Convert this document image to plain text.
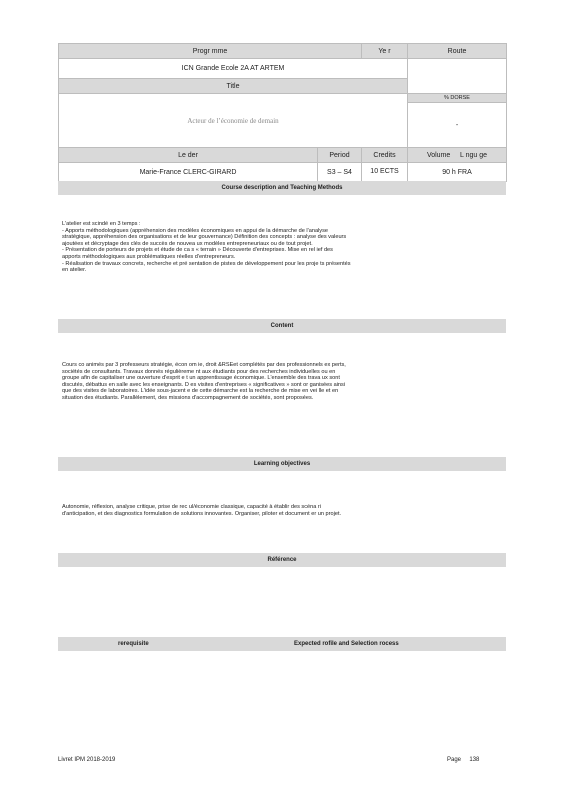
Progr mme		Ye r	Route
ICN Grande Ecole 2A AT ARTEM			
Title			
Acteur de l’économie de demain			% DORSE
			-
Le der	Period	Credits	Volume L ngu ge
Marie-France CLERC-GIRARD	S3 – S4	10 ECTS	90 h FRA
Course description and Teaching Methods
L'atelier est scindé en 3 temps :
- Apports méthodologiques (appréhension des modèles économiques en appui de la démarche de l'analyse
stratégique, appréhension des organisations et de leur gouvernance) Définition des concepts : analyse des valeurs
ajoutées et décryptage des clés de succès de nouvea ux modèles entrepreneuriaux ou de tout projet.
- Présentation de porteurs de projets et étude de ca s « terrain » Découverte d'entreprises. Mise en rel ief des
apports méthodologiques aux problématiques réelles d'entrepreneurs.
- Réalisation de travaux concrets, recherche et pré sentation de pistes de développement pour les proje ts présentés
en atelier.
Content
Cours co animés par 3 professeurs stratégie, écon om ie, droit &RSEet complétés par des professionnels ex perts,
sociétés de consultants. Travaux donnés régulièreme nt aux étudiants pour des recherches individuelles ou en
groupe afin de capitaliser une ouverture d'esprit e t un apprentissage économique. L'ensemble des trava ux sont
discutés, débattus en salle avec les enseignants. D es visites d'entreprises « significatives » sont or ganisées ainsi
que des visites de laboratoires. L'idée sous-jacent e de cette démarche est la recherche de mise en vei lle et en
situation des étudiants. Parallèlement, des missions d'accompagnement de sociétés, sont proposées.
Learning objectives
Autonomie, réflexion, analyse critique, prise de rec ul/économie classique, capacité à établir des scéna ri
d'anticipation, et des diagnostics formulation de solutions innovantes. Organiser, piloter et document er un projet.
Référence
rerequisite	Expected rofile and Selection rocess
Livret IPM 2018-2019	Page 138
